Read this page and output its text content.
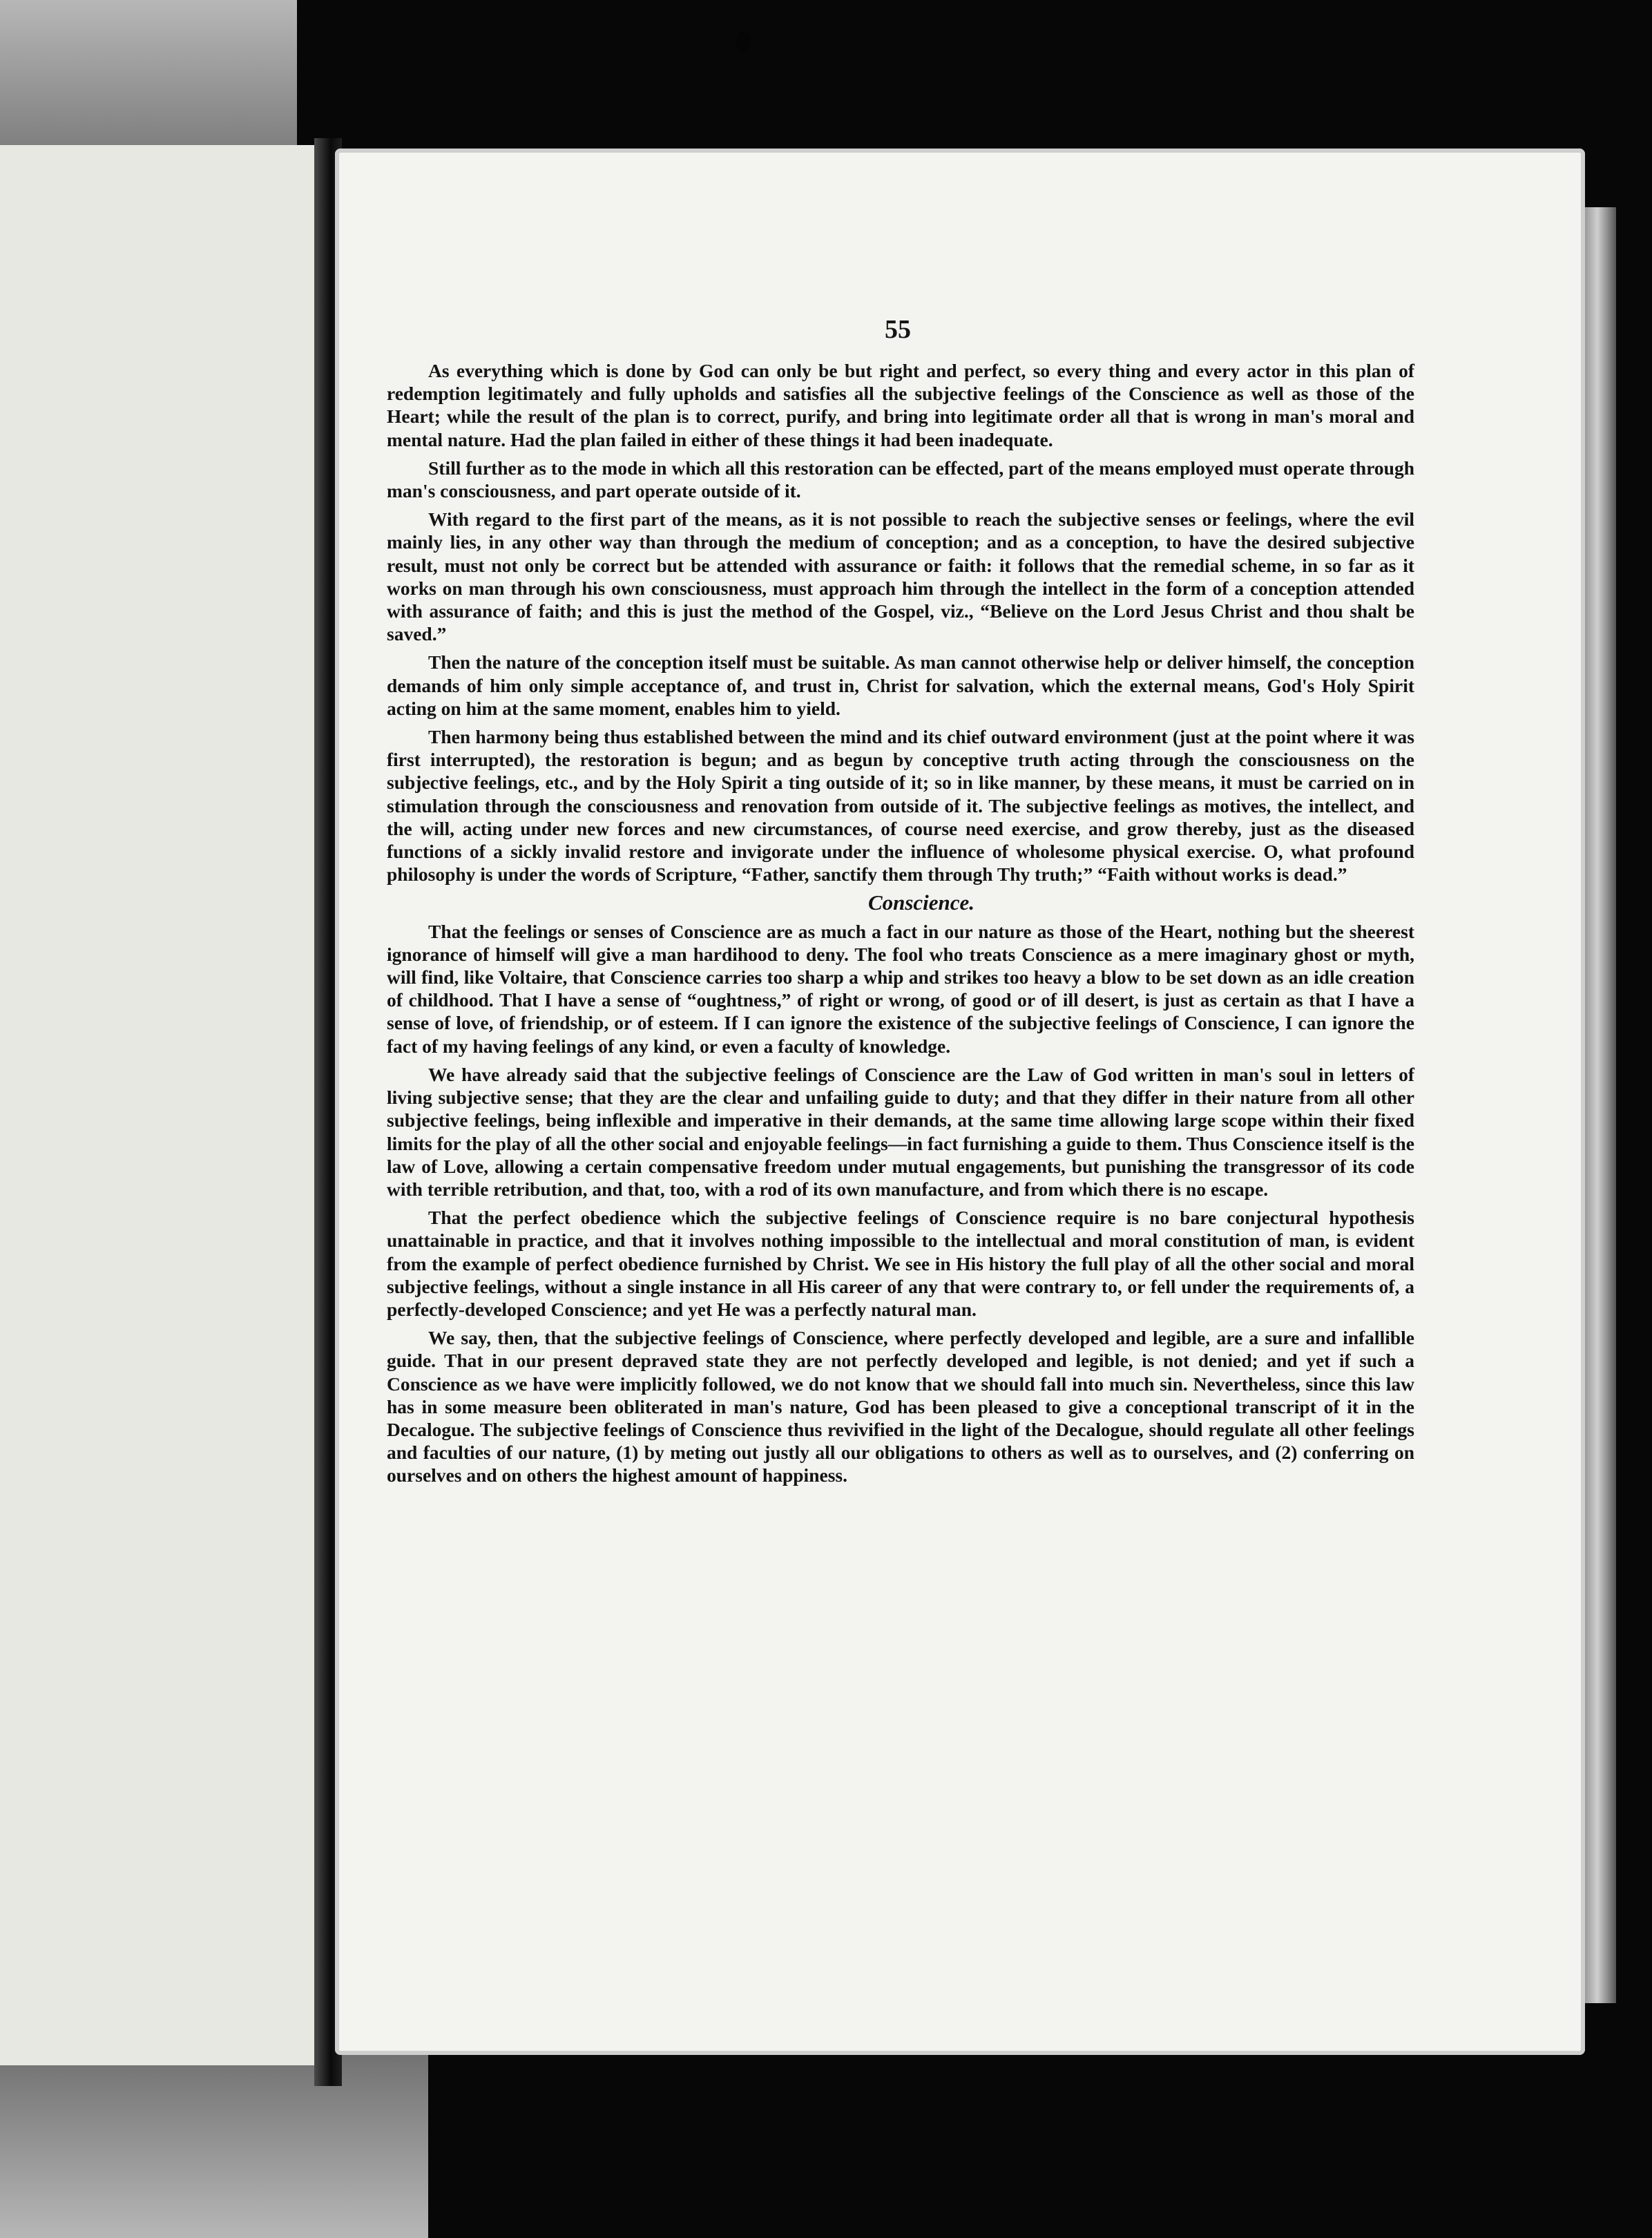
55

As everything which is done by God can only be but right and perfect, so every thing and every actor in this plan of redemption legitimately and fully upholds and satisfies all the subjective feelings of the Conscience as well as those of the Heart; while the result of the plan is to correct, purify, and bring into legitimate order all that is wrong in man's moral and mental nature. Had the plan failed in either of these things it had been inadequate.

Still further as to the mode in which all this restoration can be effected, part of the means employed must operate through man's consciousness, and part operate outside of it.

With regard to the first part of the means, as it is not possible to reach the subjective senses or feelings, where the evil mainly lies, in any other way than through the medium of conception; and as a conception, to have the desired subjective result, must not only be correct but be attended with assurance or faith: it follows that the remedial scheme, in so far as it works on man through his own consciousness, must approach him through the intellect in the form of a conception attended with assurance of faith; and this is just the method of the Gospel, viz., “Believe on the Lord Jesus Christ and thou shalt be saved.”

Then the nature of the conception itself must be suitable. As man cannot otherwise help or deliver himself, the conception demands of him only simple acceptance of, and trust in, Christ for salvation, which the external means, God's Holy Spirit acting on him at the same moment, enables him to yield.

Then harmony being thus established between the mind and its chief outward environment (just at the point where it was first interrupted), the restoration is begun; and as begun by conceptive truth acting through the consciousness on the subjective feelings, etc., and by the Holy Spirit a ting outside of it; so in like manner, by these means, it must be carried on in stimulation through the consciousness and renovation from outside of it. The subjective feelings as motives, the intellect, and the will, acting under new forces and new circumstances, of course need exercise, and grow thereby, just as the diseased functions of a sickly invalid restore and invigorate under the influence of wholesome physical exercise. O, what profound philosophy is under the words of Scripture, “Father, sanctify them through Thy truth;” “Faith without works is dead.”

Conscience.

That the feelings or senses of Conscience are as much a fact in our nature as those of the Heart, nothing but the sheerest ignorance of himself will give a man hardihood to deny. The fool who treats Conscience as a mere imaginary ghost or myth, will find, like Voltaire, that Conscience carries too sharp a whip and strikes too heavy a blow to be set down as an idle creation of childhood. That I have a sense of “oughtness,” of right or wrong, of good or of ill desert, is just as certain as that I have a sense of love, of friendship, or of esteem. If I can ignore the existence of the subjective feelings of Conscience, I can ignore the fact of my having feelings of any kind, or even a faculty of knowledge.

We have already said that the subjective feelings of Conscience are the Law of God written in man's soul in letters of living subjective sense; that they are the clear and unfailing guide to duty; and that they differ in their nature from all other subjective feelings, being inflexible and imperative in their demands, at the same time allowing large scope within their fixed limits for the play of all the other social and enjoyable feelings—in fact furnishing a guide to them. Thus Conscience itself is the law of Love, allowing a certain compensative freedom under mutual engagements, but punishing the transgressor of its code with terrible retribution, and that, too, with a rod of its own manufacture, and from which there is no escape.

That the perfect obedience which the subjective feelings of Conscience require is no bare conjectural hypothesis unattainable in practice, and that it involves nothing impossible to the intellectual and moral constitution of man, is evident from the example of perfect obedience furnished by Christ. We see in His history the full play of all the other social and moral subjective feelings, without a single instance in all His career of any that were contrary to, or fell under the requirements of, a perfectly-developed Conscience; and yet He was a perfectly natural man.

We say, then, that the subjective feelings of Conscience, where perfectly developed and legible, are a sure and infallible guide. That in our present depraved state they are not perfectly developed and legible, is not denied; and yet if such a Conscience as we have were implicitly followed, we do not know that we should fall into much sin. Nevertheless, since this law has in some measure been obliterated in man's nature, God has been pleased to give a conceptional transcript of it in the Decalogue. The subjective feelings of Conscience thus revivified in the light of the Decalogue, should regulate all other feelings and faculties of our nature, (1) by meting out justly all our obligations to others as well as to ourselves, and (2) conferring on ourselves and on others the highest amount of happiness.
